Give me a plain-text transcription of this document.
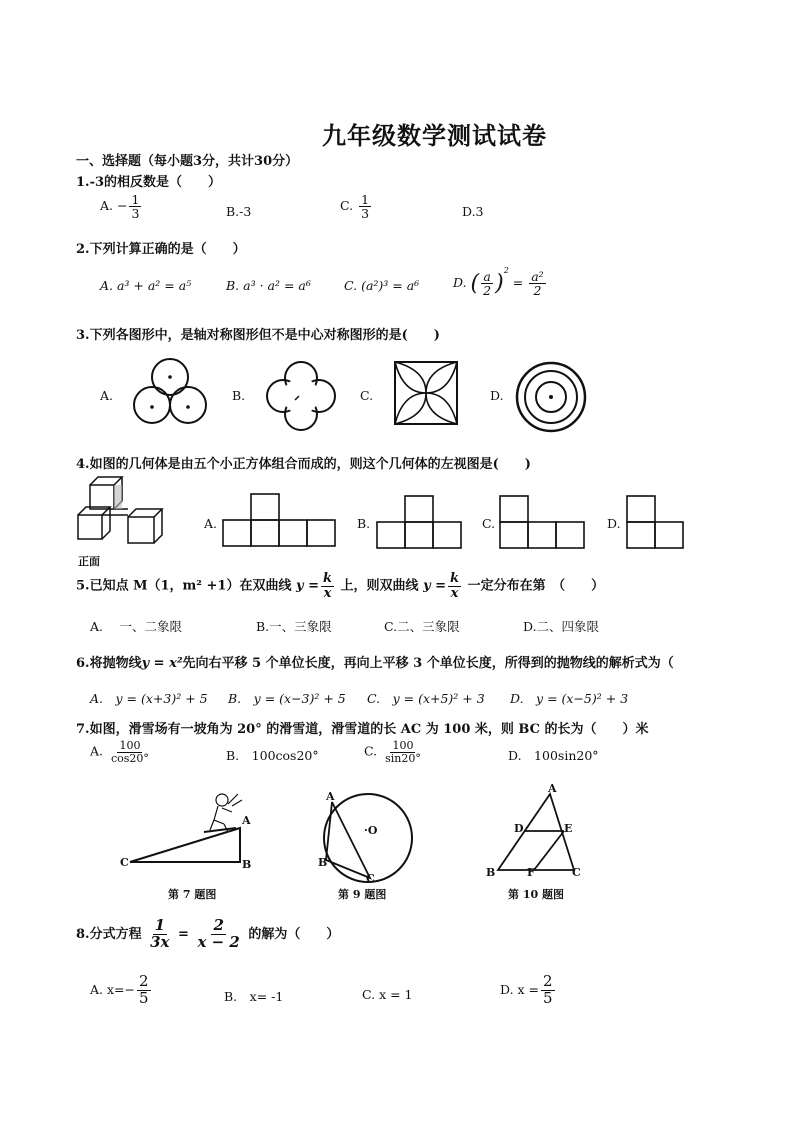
九年级数学测试试卷
一、选择题（每小题3分，共计30分）
1.-3的相反数是（　　）
A. − $\frac{1}{3}$	B.-3	C. $\frac{1}{3}$	D.3
2.下列计算正确的是（　　）
A. a³ + a² = a⁵	B. a³ · a² = a⁶	C. (a²)³ = a⁶	D. ( $\frac{a}{2} )^2 = \frac{\text{a²}}{2}$
3.下列各图形中，是轴对称图形但不是中心对称图形的是(　　)
A.	B.	C.	D.
4.如图的几何体是由五个小正方体组合而成的，则这个几何体的左视图是(　　)
正面
A.	B.	C.	D.
5.已知点 M（1，m² +1）在双曲线 $y = \frac{k}{x}$ 上，则双曲线 $y = \frac{k}{x}$ 一定分布在第　（　　）
A.　 一、二象限	B.一、三象限	C.二、三象限	D.二、四象限
6.将抛物线y = x²先向右平移 5 个单位长度，再向上平移 3 个单位长度，所得到的抛物线的解析式为（
A.　y = (x+3)² + 5 B.　y = (x−3)² + 5 C.　y = (x+5)² + 3 D.　y = (x−5)² + 3
7.如图，滑雪场有一坡角为 20° 的滑雪道，滑雪道的长 AC 为 100 米，则 BC 的长为（　　）米
A. $\frac{100}{\cos 20^\circ}$	B.　100cos20°	C. $\frac{100}{\sin 20^\circ}$	D.　100sin20°
A
B
C
第 7 题图
A
B
C
·O
第 9 题图
A
B	C
D	E
F
第 10 题图
8.分式方程 $\frac{1}{3x} = \frac{2}{x - 2}$ 的解为（　　）
A. $x=- \frac{2}{5}$	B.　x= -1	C. x = 1	D. $x = \frac{2}{5}$
